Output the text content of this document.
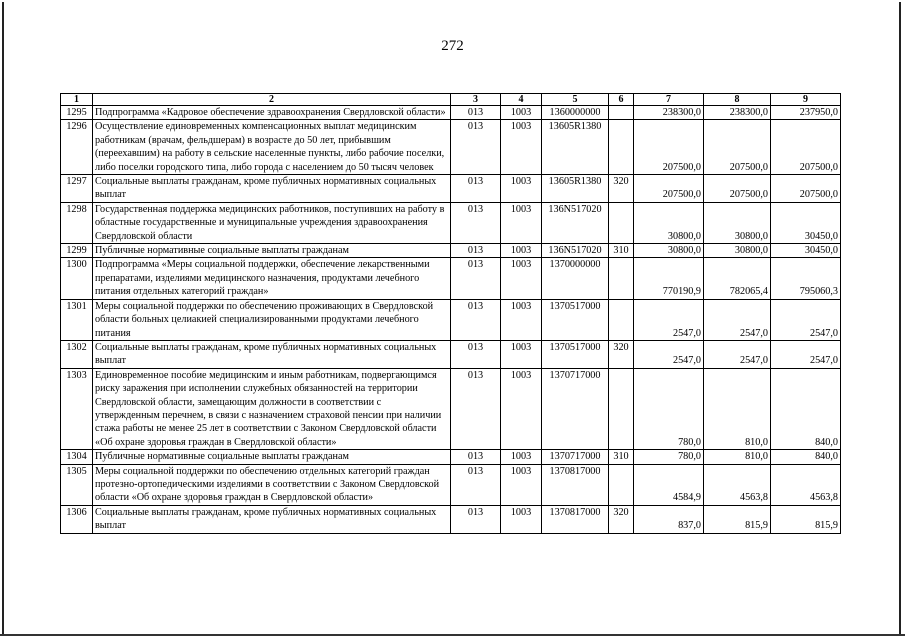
272
1	2	3	4	5	6	7	8	9
1295	Подпрограмма «Кадровое обеспечение здравоохранения Свердловской области»	013	1003	1360000000		238300,0	238300,0	237950,0
1296	Осуществление единовременных компенсационных выплат медицинским работникам (врачам, фельдшерам) в возрасте до 50 лет, прибывшим (переехавшим) на работу в сельские населенные пункты, либо рабочие поселки, либо поселки городского типа, либо города с населением до 50 тысяч человек	013	1003	13605R1380		207500,0	207500,0	207500,0
1297	Социальные выплаты гражданам, кроме публичных нормативных социальных выплат	013	1003	13605R1380	320	207500,0	207500,0	207500,0
1298	Государственная поддержка медицинских работников, поступивших на работу в областные государственные и муниципальные учреждения здравоохранения Свердловской области	013	1003	136N517020		30800,0	30800,0	30450,0
1299	Публичные нормативные социальные выплаты гражданам	013	1003	136N517020	310	30800,0	30800,0	30450,0
1300	Подпрограмма «Меры социальной поддержки, обеспечение лекарственными препаратами, изделиями медицинского назначения, продуктами лечебного питания отдельных категорий граждан»	013	1003	1370000000		770190,9	782065,4	795060,3
1301	Меры социальной поддержки по обеспечению проживающих в Свердловской области больных целиакией специализированными продуктами лечебного питания	013	1003	1370517000		2547,0	2547,0	2547,0
1302	Социальные выплаты гражданам, кроме публичных нормативных социальных выплат	013	1003	1370517000	320	2547,0	2547,0	2547,0
1303	Единовременное пособие медицинским и иным работникам, подвергающимся риску заражения при исполнении служебных обязанностей на территории Свердловской области, замещающим должности в соответствии с утвержденным перечнем, в связи с назначением страховой пенсии при наличии стажа работы не менее 25 лет в соответствии с Законом Свердловской области «Об охране здоровья граждан в Свердловской области»	013	1003	1370717000		780,0	810,0	840,0
1304	Публичные нормативные социальные выплаты гражданам	013	1003	1370717000	310	780,0	810,0	840,0
1305	Меры социальной поддержки по обеспечению отдельных категорий граждан протезно-ортопедическими изделиями в соответствии с Законом Свердловской области «Об охране здоровья граждан в Свердловской области»	013	1003	1370817000		4584,9	4563,8	4563,8
1306	Социальные выплаты гражданам, кроме публичных нормативных социальных выплат	013	1003	1370817000	320	837,0	815,9	815,9
